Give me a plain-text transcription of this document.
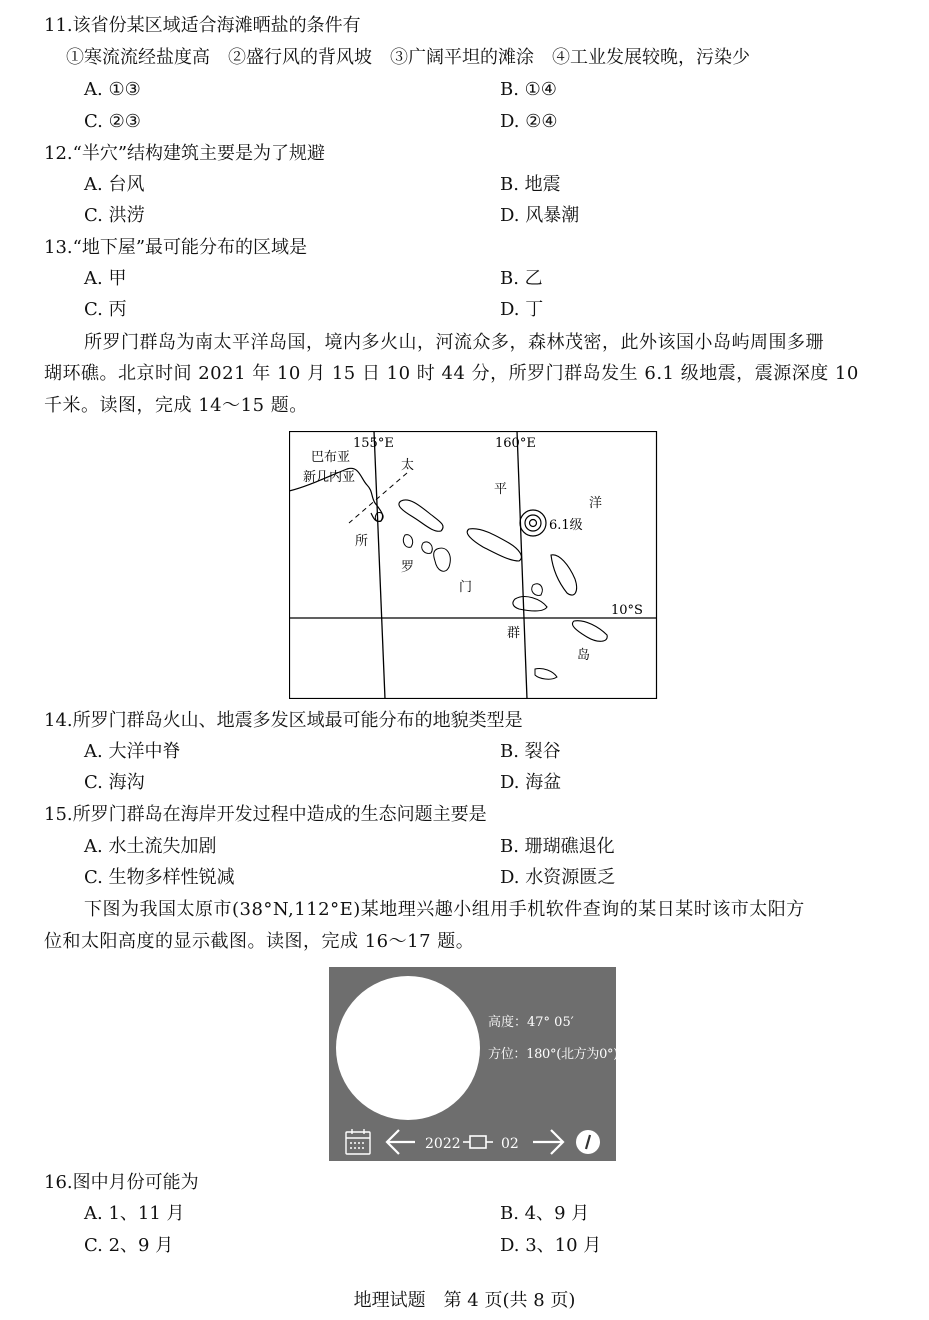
11.该省份某区域适合海滩晒盐的条件有
①寒流流经盐度高　②盛行风的背风坡　③广阔平坦的滩涂　④工业发展较晚，污染少
A. ①③	B. ①④
C. ②③	D. ②④
12.“半穴”结构建筑主要是为了规避
A. 台风	B. 地震
C. 洪涝	D. 风暴潮
13.“地下屋”最可能分布的区域是
A. 甲	B. 乙
C. 丙	D. 丁
所罗门群岛为南太平洋岛国，境内多火山，河流众多，森林茂密，此外该国小岛屿周围多珊
瑚环礁。北京时间 2021 年 10 月 15 日 10 时 44 分，所罗门群岛发生 6.1 级地震，震源深度 10
千米。读图，完成 14～15 题。
155°E	160°E
10°S
巴布亚
新几内亚
太
平
洋
6.1级
所
罗
门
群
岛
14.所罗门群岛火山、地震多发区域最可能分布的地貌类型是
A. 大洋中脊	B. 裂谷
C. 海沟	D. 海盆
15.所罗门群岛在海岸开发过程中造成的生态问题主要是
A. 水土流失加剧	B. 珊瑚礁退化
C. 生物多样性锐减	D. 水资源匮乏
下图为我国太原市(38°N,112°E)某地理兴趣小组用手机软件查询的某日某时该市太阳方
位和太阳高度的显示截图。读图，完成 16～17 题。
高度：47° 05′
方位：180°(北方为0°)
2022	02
16.图中月份可能为
A. 1、11 月	B. 4、9 月
C. 2、9 月	D. 3、10 月
地理试题　第 4 页(共 8 页)
